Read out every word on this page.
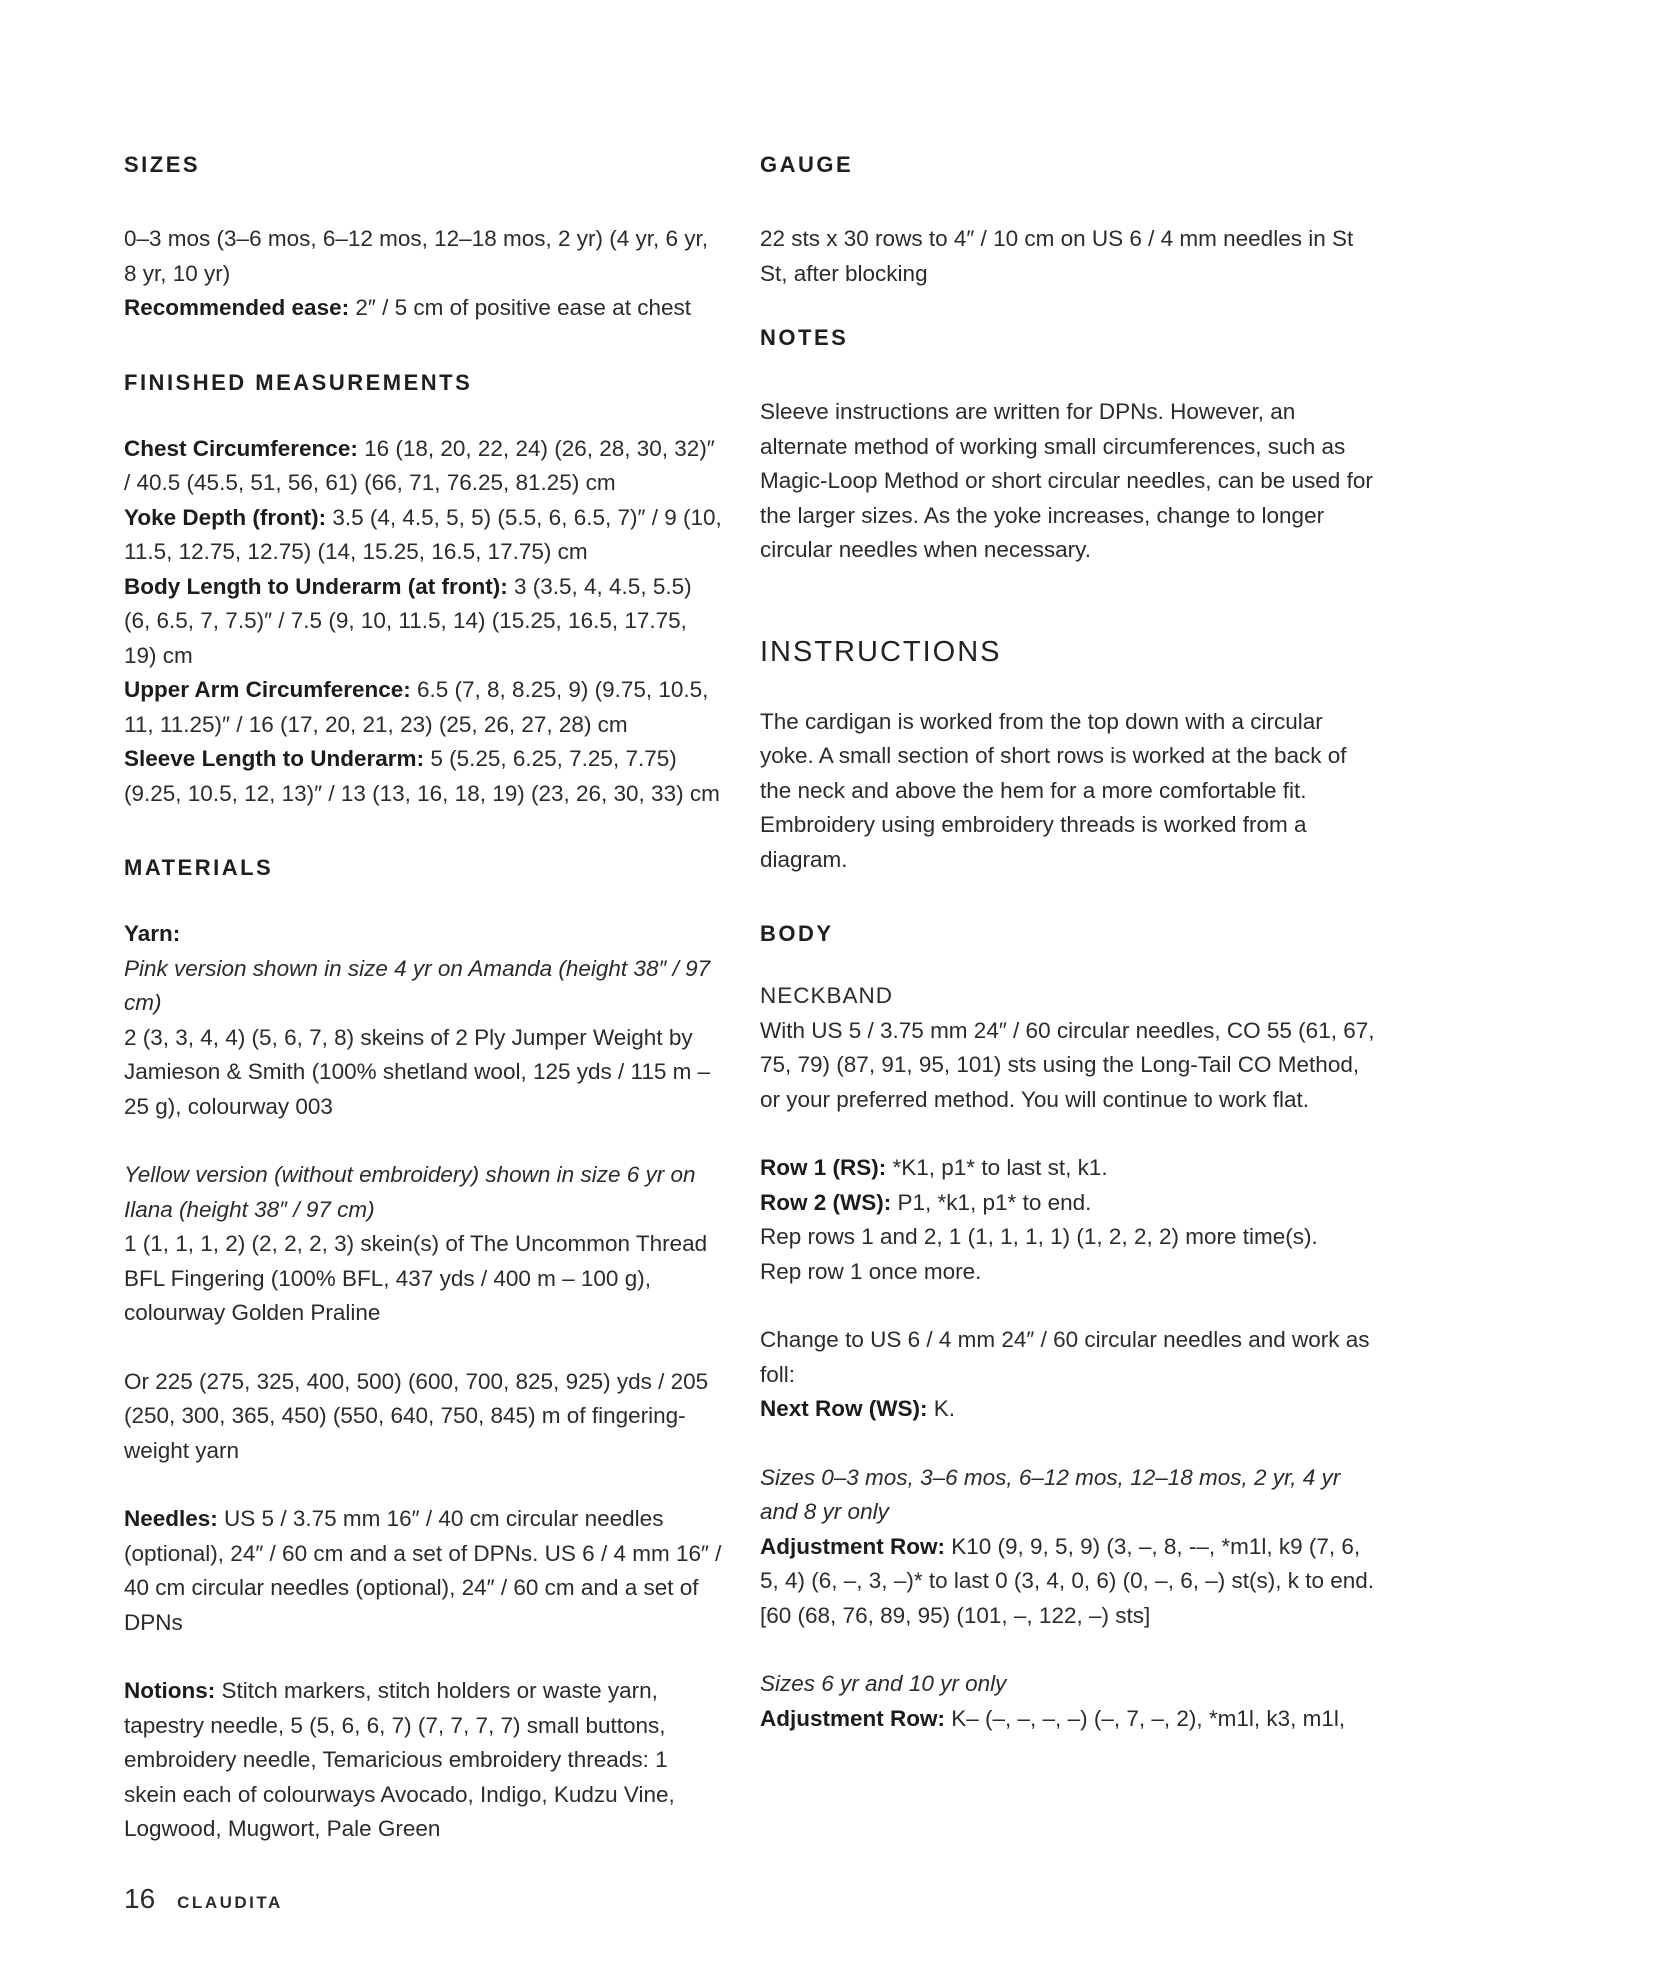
SIZES

0–3 mos (3–6 mos, 6–12 mos, 12–18 mos, 2 yr) (4 yr, 6 yr, 8 yr, 10 yr)

Recommended ease: 2″ / 5 cm of positive ease at chest

FINISHED MEASUREMENTS

Chest Circumference: 16 (18, 20, 22, 24) (26, 28, 30, 32)″ / 40.5 (45.5, 51, 56, 61) (66, 71, 76.25, 81.25) cm

Yoke Depth (front): 3.5 (4, 4.5, 5, 5) (5.5, 6, 6.5, 7)″ / 9 (10, 11.5, 12.75, 12.75) (14, 15.25, 16.5, 17.75) cm

Body Length to Underarm (at front): 3 (3.5, 4, 4.5, 5.5) (6, 6.5, 7, 7.5)″ / 7.5 (9, 10, 11.5, 14) (15.25, 16.5, 17.75, 19) cm

Upper Arm Circumference: 6.5 (7, 8, 8.25, 9) (9.75, 10.5, 11, 11.25)″ / 16 (17, 20, 21, 23) (25, 26, 27, 28) cm

Sleeve Length to Underarm: 5 (5.25, 6.25, 7.25, 7.75) (9.25, 10.5, 12, 13)″ / 13 (13, 16, 18, 19) (23, 26, 30, 33) cm

MATERIALS

Yarn:

Pink version shown in size 4 yr on Amanda (height 38″ / 97 cm)

2 (3, 3, 4, 4) (5, 6, 7, 8) skeins of 2 Ply Jumper Weight by Jamieson & Smith (100% shetland wool, 125 yds / 115 m – 25 g), colourway 003

Yellow version (without embroidery) shown in size 6 yr on Ilana (height 38″ / 97 cm)

1 (1, 1, 1, 2) (2, 2, 2, 3) skein(s) of The Uncommon Thread BFL Fingering (100% BFL, 437 yds / 400 m – 100 g), colourway Golden Praline

Or 225 (275, 325, 400, 500) (600, 700, 825, 925) yds / 205 (250, 300, 365, 450) (550, 640, 750, 845) m of fingering-weight yarn

Needles: US 5 / 3.75 mm 16″ / 40 cm circular needles (optional), 24″ / 60 cm and a set of DPNs. US 6 / 4 mm 16″ / 40 cm circular needles (optional), 24″ / 60 cm and a set of DPNs

Notions: Stitch markers, stitch holders or waste yarn, tapestry needle, 5 (5, 6, 6, 7) (7, 7, 7, 7) small buttons, embroidery needle, Temaricious embroidery threads: 1 skein each of colourways Avocado, Indigo, Kudzu Vine, Logwood, Mugwort, Pale Green

GAUGE

22 sts x 30 rows to 4″ / 10 cm on US 6 / 4 mm needles in St St, after blocking

NOTES

Sleeve instructions are written for DPNs. However, an alternate method of working small circumferences, such as Magic-Loop Method or short circular needles, can be used for the larger sizes. As the yoke increases, change to longer circular needles when necessary.

INSTRUCTIONS

The cardigan is worked from the top down with a circular yoke. A small section of short rows is worked at the back of the neck and above the hem for a more comfortable fit. Embroidery using embroidery threads is worked from a diagram.

BODY

NECKBAND

With US 5 / 3.75 mm 24″ / 60 circular needles, CO 55 (61, 67, 75, 79) (87, 91, 95, 101) sts using the Long-Tail CO Method, or your preferred method. You will continue to work flat.

Row 1 (RS): *K1, p1* to last st, k1.

Row 2 (WS): P1, *k1, p1* to end.

Rep rows 1 and 2, 1 (1, 1, 1, 1) (1, 2, 2, 2) more time(s).

Rep row 1 once more.

Change to US 6 / 4 mm 24″ / 60 circular needles and work as foll:

Next Row (WS): K.

Sizes 0–3 mos, 3–6 mos, 6–12 mos, 12–18 mos, 2 yr, 4 yr and 8 yr only

Adjustment Row: K10 (9, 9, 5, 9) (3, –, 8, -–, *m1l, k9 (7, 6, 5, 4) (6, –, 3, –)* to last 0 (3, 4, 0, 6) (0, –, 6, –) st(s), k to end. [60 (68, 76, 89, 95) (101, –, 122, –) sts]

Sizes 6 yr and 10 yr only

Adjustment Row: K– (–, –, –, –) (–, 7, –, 2), *m1l, k3, m1l,

16 CLAUDITA
